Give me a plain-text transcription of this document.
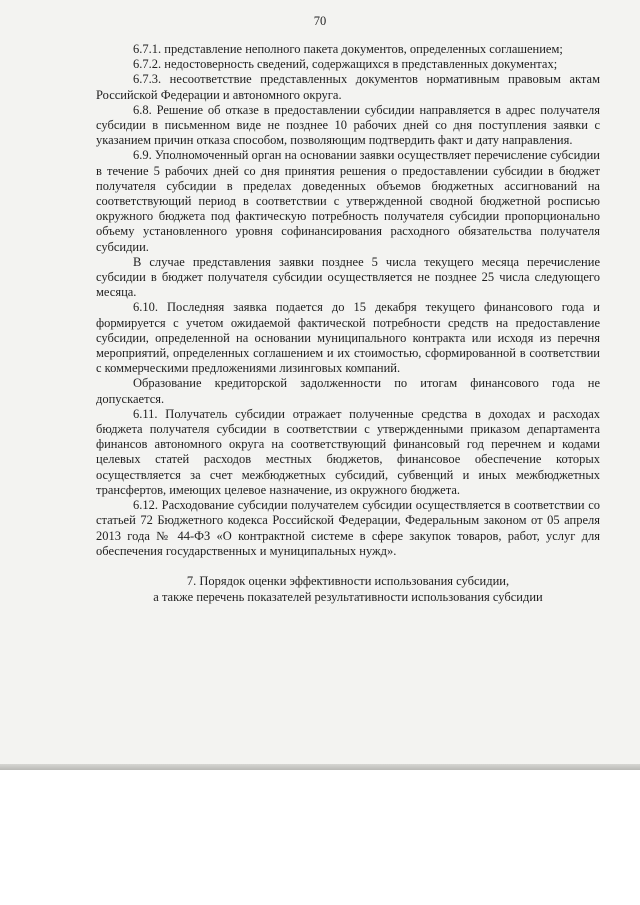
70

6.7.1. представление неполного пакета документов, определенных соглашением;

6.7.2. недостоверность сведений, содержащихся в представленных документах;

6.7.3. несоответствие представленных документов нормативным правовым актам Российской Федерации и автономного округа.

6.8. Решение об отказе в предоставлении субсидии направляется в адрес получателя субсидии в письменном виде не позднее 10 рабочих дней со дня поступления заявки с указанием причин отказа способом, позволяющим подтвердить факт и дату направления.

6.9. Уполномоченный орган на основании заявки осуществляет перечисление субсидии в течение 5 рабочих дней со дня принятия решения о предоставлении субсидии в бюджет получателя субсидии в пределах доведенных объемов бюджетных ассигнований на соответствующий период в соответствии с утвержденной сводной бюджетной росписью окружного бюджета под фактическую потребность получателя субсидии пропорционально объему установленного уровня софинансирования расходного обязательства получателя субсидии.

В случае представления заявки позднее 5 числа текущего месяца перечисление субсидии в бюджет получателя субсидии осуществляется не позднее 25 числа следующего месяца.

6.10. Последняя заявка подается до 15 декабря текущего финансового года и формируется с учетом ожидаемой фактической потребности средств на предоставление субсидии, определенной на основании муниципального контракта или исходя из перечня мероприятий, определенных соглашением и их стоимостью, сформированной в соответствии с коммерческими предложениями лизинговых компаний.

Образование кредиторской задолженности по итогам финансового года не допускается.

6.11. Получатель субсидии отражает полученные средства в доходах и расходах бюджета получателя субсидии в соответствии с утвержденными приказом департамента финансов автономного округа на соответствующий финансовый год перечнем и кодами целевых статей расходов местных бюджетов, финансовое обеспечение которых осуществляется за счет межбюджетных субсидий, субвенций и иных межбюджетных трансфертов, имеющих целевое назначение, из окружного бюджета.

6.12. Расходование субсидии получателем субсидии осуществляется в соответствии со статьей 72 Бюджетного кодекса Российской Федерации, Федеральным законом от 05 апреля 2013 года № 44-ФЗ «О контрактной системе в сфере закупок товаров, работ, услуг для обеспечения государственных и муниципальных нужд».

7. Порядок оценки эффективности использования субсидии,
а также перечень показателей результативности использования субсидии
